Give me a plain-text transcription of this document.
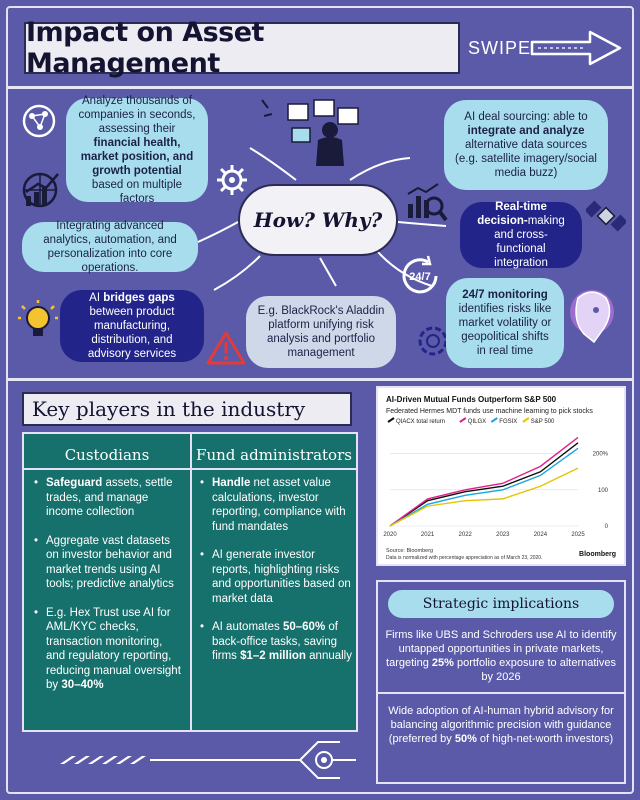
Impact on Asset Management	SWIPE
24/7
Analyze thousands of companies in seconds, assessing their financial health, market position, and growth potential based on multiple factors
AI deal sourcing: able to integrate and analyze alternative data sources (e.g. satellite imagery/social media buzz)
How? Why?
Integrating advanced analytics, automation, and personalization into core operations.
Real-time decision-making and cross-functional integration
AI bridges gaps between product manufacturing, distribution, and advisory services
E.g. BlackRock's Aladdin platform unifying risk analysis and portfolio management
24/7 monitoring identifies risks like market volatility or geopolitical shifts in real time
Key players in the industry
Custodians	Fund administrators
• Safeguard assets, settle trades, and manage income collection
• Aggregate vast datasets on investor behavior and market trends using AI tools; predictive analytics
• E.g. Hex Trust use AI for AML/KYC checks, transaction monitoring, and regulatory reporting, reducing manual oversight by 30–40%
• Handle net asset value calculations, investor reporting, compliance with fund mandates
• AI generate investor reports, highlighting risks and opportunities based on market data
• AI automates 50–60% of back-office tasks, saving firms $1–2 million annually
AI-Driven Mutual Funds Outperform S&P 500
Federated Hermes MDT funds use machine learning to pick stocks
QIACX total return	QILGX FGSIX S&P 500
0
100
200%
2020	2021	2022	2023	2024	2025
Source: Bloomberg
Data is normalized with percentage appreciation as of March 23, 2020.	Bloomberg
Strategic implications
Firms like UBS and Schroders use AI to identify untapped opportunities in private markets, targeting 25% portfolio exposure to alternatives by 2026
Wide adoption of AI-human hybrid advisory for balancing algorithmic precision with guidance (preferred by 50% of high-net-worth investors)
